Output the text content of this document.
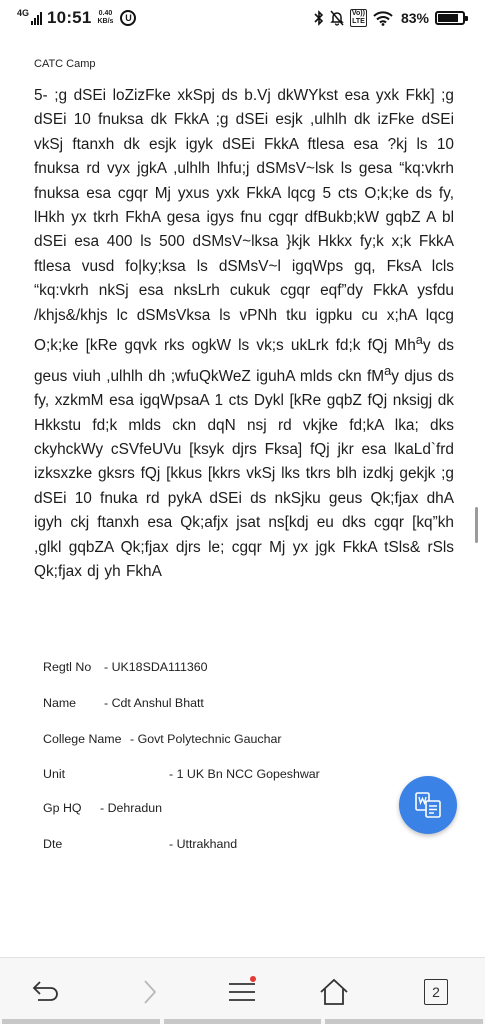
4G 10:51 0.40
KB/s	U	Vo))
LTE	83%
CATC Camp
5- ;g dSEi loZizFke xkSpj ds b.Vj dkWYkst esa yxk Fkk] ;g dSEi 10 fnuksa dk FkkA ;g dSEi esjk ,ulhlh dk izFke dSEi vkSj ftanxh dk esjk igyk dSEi FkkA ftlesa esa ?kj ls 10 fnuksa rd vyx jgkA ,ulhlh lhfu;j dSMsV~lsk ls gesa “kq:vkrh fnuksa esa cgqr Mj yxus yxk FkkA lqcg 5 cts O;k;ke ds fy, lHkh yx tkrh FkhA gesa igys fnu cgqr dfBukb;kW gqbZ A bl dSEi esa 400 ls 500 dSMsV~lksa }kjk Hkkx fy;k x;k FkkA ftlesa vusd fo|ky;ksa ls dSMsV~l igqWps gq, FksA lcls “kq:vkrh nkSj esa nksLrh cukuk cgqr eqf”dy FkkA ysfdu /khjs&/khjs lc dSMsVksa ls vPNh tku igpku cu x;hA lqcg O;k;ke [kRe gqvk rks ogkW ls vk;s ukLrk fd;k fQj Mh$^a$y ds geus viuh ,ulhlh dh ;wfuQkWeZ iguhA mlds ckn $fM^ay$ djus ds fy, xzkmM esa igqWpsaA 1 cts Dykl [kRe gqbZ fQj nksigj dk Hkkstu fd;k mlds ckn dqN nsj rd vkjke fd;kA lka; dks ckyhckWy cSVfeUVu [ksyk djrs Fksa] fQj jkr esa lkaLd`frd izksxzke gksrs fQj [kkus [kkrs vkSj lks tkrs blh izdkj gekjk ;g dSEi 10 fnuka rd pykA dSEi ds nkSjku geus Qk;fjax dhA igyh ckj ftanxh esa Qk;afjx jsat ns[kdj eu dks cgqr [kq”kh ,glkl gqbZA Qk;fjax djrs le; cgqr Mj yx jgk FkkA tSls& rSls Qk;fjax dj yh FkhA
Regtl No - UK18SDA111360
Name - Cdt Anshul Bhatt
College Name - Govt Polytechnic Gauchar
Unit	- 1 UK Bn NCC Gopeshwar
Gp HQ - Dehradun
Dte	- Uttrakhand
2
